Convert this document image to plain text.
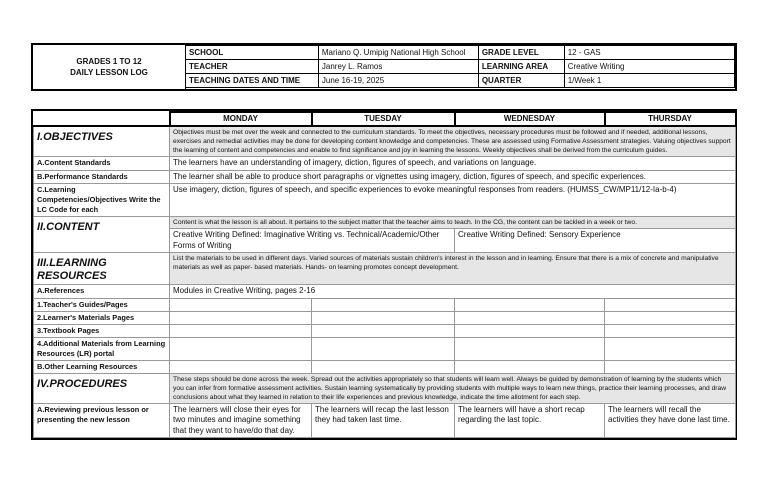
GRADES 1 TO 12
DAILY LESSON LOG
SCHOOL	Mariano Q. Umipig National High School	GRADE LEVEL	12 - GAS
TEACHER	Janrey L. Ramos	LEARNING AREA	Creative Writing
TEACHING DATES AND TIME	June 16-19, 2025	QUARTER	1/Week 1
	MONDAY	TUESDAY	WEDNESDAY	THURSDAY
I.OBJECTIVES	Objectives must be met over the week and connected to the curriculum standards. To meet the objectives, necessary procedures must be followed and if needed, additional lessons, exercises and remedial activities may be done for developing content knowledge and competencies. These are assessed using Formative Assessment strategies. Valuing objectives support the learning of content and competencies and enable to find significance and joy in learning the lessons. Weekly objectives shall be derived from the curriculum guides.			
A.Content Standards	The learners have an understanding of imagery, diction, figures of speech, and variations on language.			
B.Performance Standards	The learner shall be able to produce short paragraphs or vignettes using imagery, diction, figures of speech, and specific experiences.			
C.Learning Competencies/Objectives Write the LC Code for each	Use imagery, diction, figures of speech, and specific experiences to evoke meaningful responses from readers. (HUMSS_CW/MP11/12-Ia-b-4)			
II.CONTENT	Content is what the lesson is all about. It pertains to the subject matter that the teacher aims to teach. In the CG, the content can be tackled in a week or two.			
	Creative Writing Defined: Imaginative Writing vs. Technical/Academic/Other Forms of Writing		Creative Writing Defined: Sensory Experience	
III.LEARNING RESOURCES	List the materials to be used in different days. Varied sources of materials sustain children's interest in the lesson and in learning. Ensure that there is a mix of concrete and manipulative materials as well as paper- based materials. Hands- on learning promotes concept development.			
A.References	Modules in Creative Writing, pages 2-16			
1.Teacher's Guides/Pages				
2.Learner's Materials Pages				
3.Textbook Pages				
4.Additional Materials from Learning Resources (LR) portal				
B.Other Learning Resources				
IV.PROCEDURES	These steps should be done across the week. Spread out the activities appropriately so that students will learn well. Always be guided by demonstration of learning by the students which you can infer from formative assessment activities. Sustain learning systematically by providing students with multiple ways to learn new things, practice their learning processes, and draw conclusions about what they learned in relation to their life experiences and previous knowledge, indicate the time allotment for each step.			
A.Reviewing previous lesson or presenting the new lesson	The learners will close their eyes for two minutes and imagine something that they want to have/do that day.	The learners will recap the last lesson they had taken last time.	The learners will have a short recap regarding the last topic.	The learners will recall the activities they have done last time.
